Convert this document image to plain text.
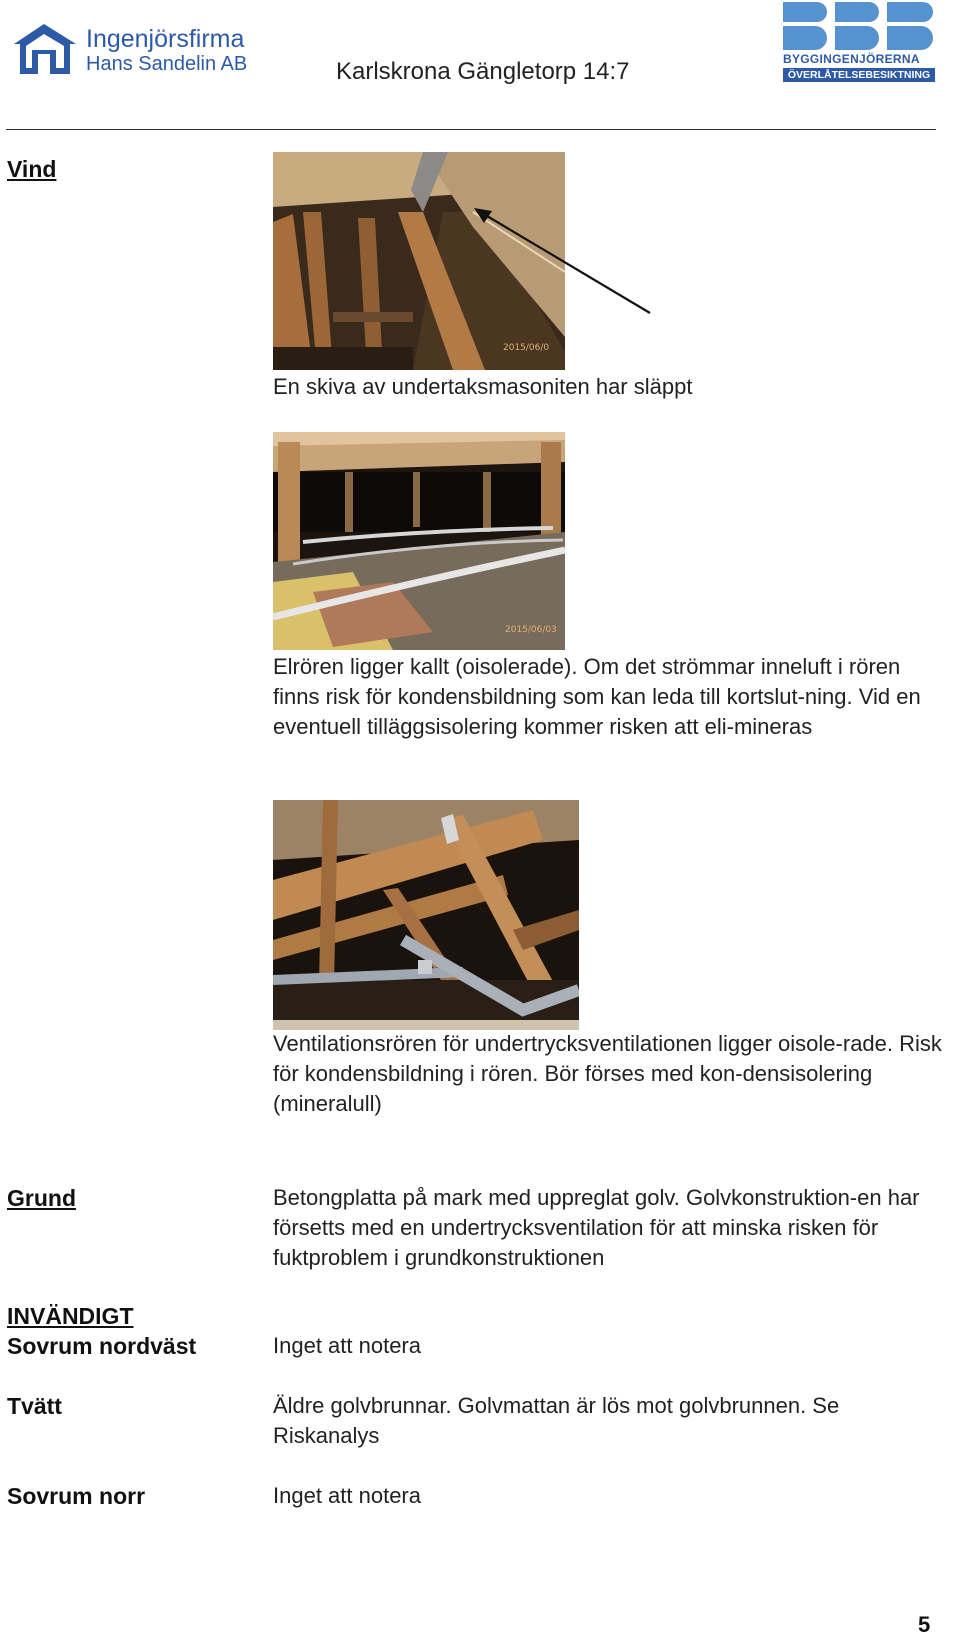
Ingenjörsfirma
Hans Sandelin AB	Karlskrona Gängletorp 14:7	BYGGINGENJÖRERNA
ÖVERLÅTELSEBESIKTNING
Vind
2015/06/0
En skiva av undertaksmasoniten har släppt
2015/06/03
Elrören ligger kallt (oisolerade). Om det strömmar inneluft i rören finns risk för kondensbildning som kan leda till kortslut-ning. Vid en eventuell tilläggsisolering kommer risken att eli-mineras
Ventilationsrören för undertrycksventilationen ligger oisole-rade. Risk för kondensbildning i rören. Bör förses med kon-densisolering (mineralull)
Grund	Betongplatta på mark med uppreglat golv. Golvkonstruktion-en har försetts med en undertrycksventilation för att minska risken för fuktproblem i grundkonstruktionen
INVÄNDIGT
Sovrum nordväst	Inget att notera
Tvätt	Äldre golvbrunnar. Golvmattan är lös mot golvbrunnen. Se Riskanalys
Sovrum norr	Inget att notera
5
